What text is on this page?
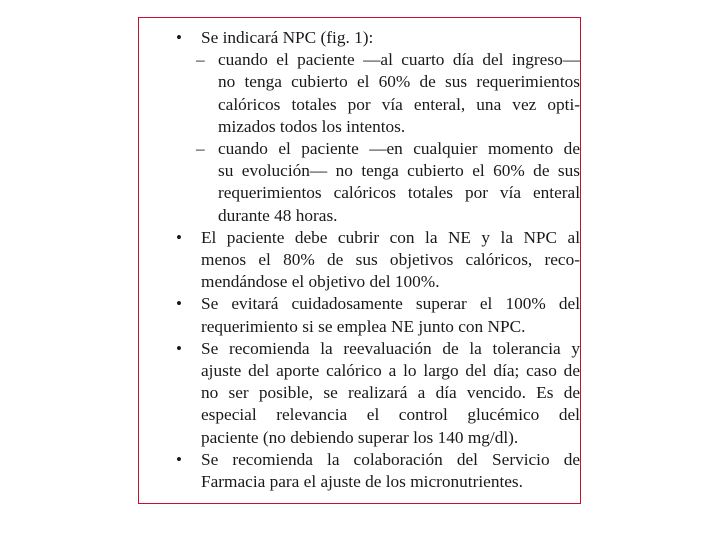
•	Se indicará NPC (fig. 1):
– cuando el paciente —al cuarto día del ingreso—
no tenga cubierto el 60% de sus requerimientos
calóricos totales por vía enteral, una vez opti-
mizados todos los intentos.
– cuando el paciente —en cualquier momento de
su evolución— no tenga cubierto el 60% de sus
requerimientos calóricos totales por vía enteral
durante 48 horas.
•	El paciente debe cubrir con la NE y la NPC al
menos el 80% de sus objetivos calóricos, reco-
mendándose el objetivo del 100%.
•	Se evitará cuidadosamente superar el 100% del
requerimiento si se emplea NE junto con NPC.
•	Se recomienda la reevaluación de la tolerancia y
ajuste del aporte calórico a lo largo del día; caso de
no ser posible, se realizará a día vencido. Es de
especial relevancia el control glucémico del
paciente (no debiendo superar los 140 mg/dl).
•	Se recomienda la colaboración del Servicio de
Farmacia para el ajuste de los micronutrientes.
